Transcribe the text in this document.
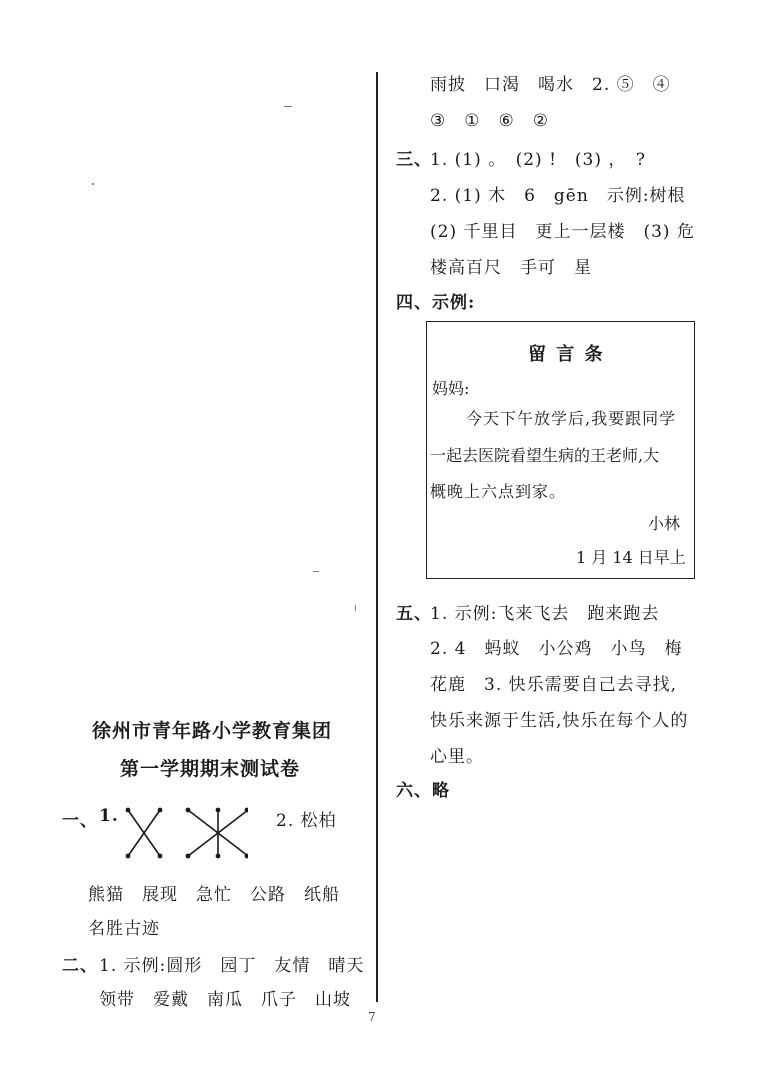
徐州市青年路小学教育集团
第一学期期末测试卷
一、 1.	2. 松柏
熊猫　展现　急忙　公路　纸船
名胜古迹
二、 1. 示例:圆形　园丁　友情　晴天
领带　爱戴　南瓜　爪子　山坡
雨披　口渴　喝水　2. ⑤　④
③　①　⑥　②
三、
1. (1) 。　(2) !　(3) ，　?
2. (1) 木　6　gēn　示例:树根
(2) 千里目　更上一层楼　(3) 危
楼高百尺　手可　星
四、示例:
留 言 条
妈妈:
今天下午放学后,我要跟同学
一起去医院看望生病的王老师,大
概晚上六点到家。
小林
1 月 14 日早上
五、
1. 示例:飞来飞去　跑来跑去
2. 4　蚂蚁　小公鸡　小鸟　梅
花鹿　3. 快乐需要自己去寻找,
快乐来源于生活,快乐在每个人的
心里。
六、略
7
